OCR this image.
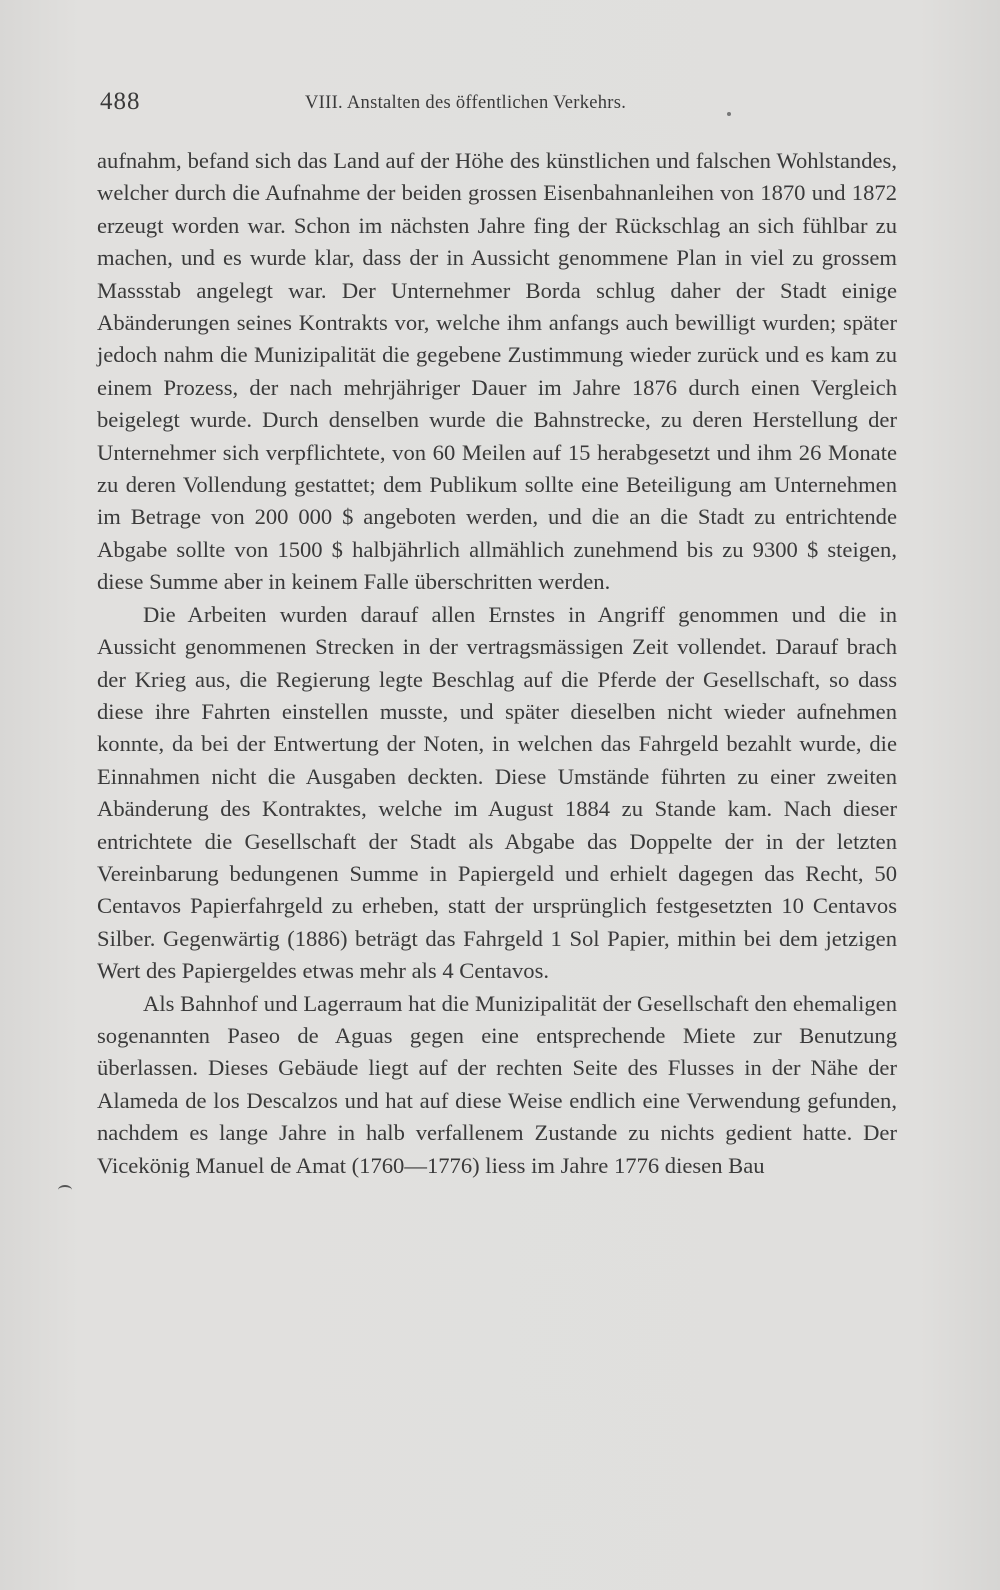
488	VIII. Anstalten des öffentlichen Verkehrs.

aufnahm, befand sich das Land auf der Höhe des künstlichen und falschen Wohlstandes, welcher durch die Aufnahme der beiden grossen Eisenbahnanleihen von 1870 und 1872 erzeugt worden war. Schon im nächsten Jahre fing der Rückschlag an sich fühlbar zu machen, und es wurde klar, dass der in Aussicht genommene Plan in viel zu grossem Massstab angelegt war. Der Unternehmer Borda schlug daher der Stadt einige Abänderungen seines Kontrakts vor, welche ihm anfangs auch bewilligt wurden; später jedoch nahm die Munizipalität die gegebene Zustimmung wieder zurück und es kam zu einem Prozess, der nach mehrjähriger Dauer im Jahre 1876 durch einen Vergleich beigelegt wurde. Durch denselben wurde die Bahnstrecke, zu deren Herstellung der Unternehmer sich verpflichtete, von 60 Meilen auf 15 herabgesetzt und ihm 26 Monate zu deren Vollendung gestattet; dem Publikum sollte eine Beteiligung am Unternehmen im Betrage von 200 000 $ angeboten werden, und die an die Stadt zu entrichtende Abgabe sollte von 1500 $ halbjährlich allmählich zunehmend bis zu 9300 $ steigen, diese Summe aber in keinem Falle überschritten werden.

Die Arbeiten wurden darauf allen Ernstes in Angriff genommen und die in Aussicht genommenen Strecken in der vertragsmässigen Zeit vollendet. Darauf brach der Krieg aus, die Regierung legte Beschlag auf die Pferde der Gesellschaft, so dass diese ihre Fahrten einstellen musste, und später dieselben nicht wieder aufnehmen konnte, da bei der Entwertung der Noten, in welchen das Fahrgeld bezahlt wurde, die Einnahmen nicht die Ausgaben deckten. Diese Umstände führten zu einer zweiten Abänderung des Kontraktes, welche im August 1884 zu Stande kam. Nach dieser entrichtete die Gesellschaft der Stadt als Abgabe das Doppelte der in der letzten Vereinbarung bedungenen Summe in Papiergeld und erhielt dagegen das Recht, 50 Centavos Papierfahrgeld zu erheben, statt der ursprünglich festgesetzten 10 Centavos Silber. Gegenwärtig (1886) beträgt das Fahrgeld 1 Sol Papier, mithin bei dem jetzigen Wert des Papiergeldes etwas mehr als 4 Centavos.

Als Bahnhof und Lagerraum hat die Munizipalität der Gesellschaft den ehemaligen sogenannten Paseo de Aguas gegen eine entsprechende Miete zur Benutzung überlassen. Dieses Gebäude liegt auf der rechten Seite des Flusses in der Nähe der Alameda de los Descalzos und hat auf diese Weise endlich eine Verwendung gefunden, nachdem es lange Jahre in halb verfallenem Zustande zu nichts gedient hatte. Der Vicekönig Manuel de Amat (1760—1776) liess im Jahre 1776 diesen Bau
